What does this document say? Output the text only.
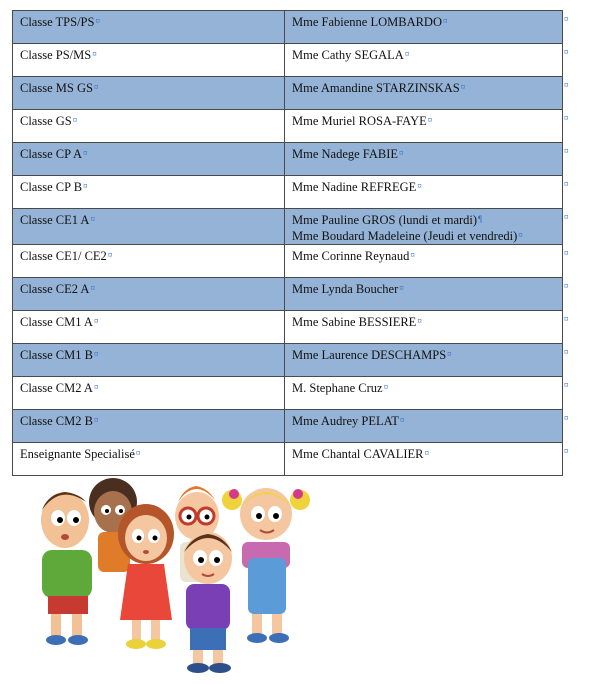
Classe TPS/PS¤	Mme Fabienne LOMBARDO¤

Classe PS/MS¤	Mme Cathy SEGALA¤

Classe MS GS¤	Mme Amandine STARZINSKAS¤

Classe GS¤	Mme Muriel ROSA-FAYE¤

Classe CP A¤	Mme Nadege FABIE¤

Classe CP B¤	Mme Nadine REFREGE¤

Classe CE1 A¤	Mme Pauline GROS (lundi et mardi)¶
Mme Boudard Madeleine (Jeudi et vendredi)¤

Classe CE1/ CE2¤	Mme Corinne Reynaud¤

Classe CE2 A¤	Mme Lynda Boucher¤

Classe CM1 A¤	Mme Sabine BESSIERE¤

Classe CM1 B¤	Mme Laurence DESCHAMPS¤

Classe CM2 A¤	M. Stephane Cruz¤

Classe CM2 B¤	Mme Audrey PELAT¤

Enseignante Specialisé¤	Mme Chantal CAVALIER¤
¤
¤
¤
¤
¤
¤
¤
¤
¤
¤
¤
¤
¤
¤
